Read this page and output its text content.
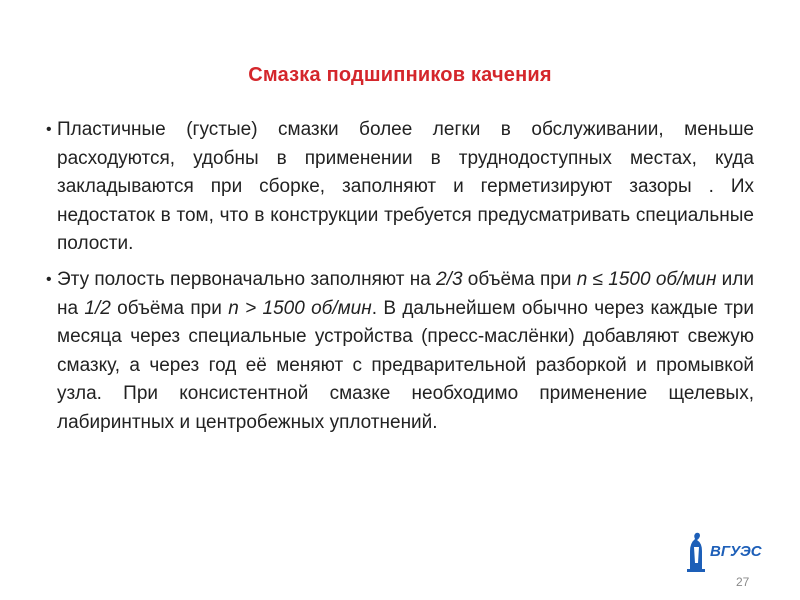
Смазка подшипников качения

• Пластичные (густые) смазки более легки в обслуживании, меньше расходуются, удобны в применении в труднодоступных местах, куда закладываются при сборке, заполняют и герметизируют зазоры . Их недостаток в том, что в конструкции требуется предусматривать специальные полости.

• Эту полость первоначально заполняют на 2/3 объёма при n ≤ 1500 об/мин или на 1/2 объёма при n > 1500 об/мин. В дальнейшем обычно через каждые три месяца через специальные устройства (пресс-маслёнки) добавляют свежую смазку, а через год её меняют с предварительной разборкой и промывкой узла. При консистентной смазке необходимо применение щелевых, лабиринтных и центробежных уплотнений.

ВГУЭС
27
